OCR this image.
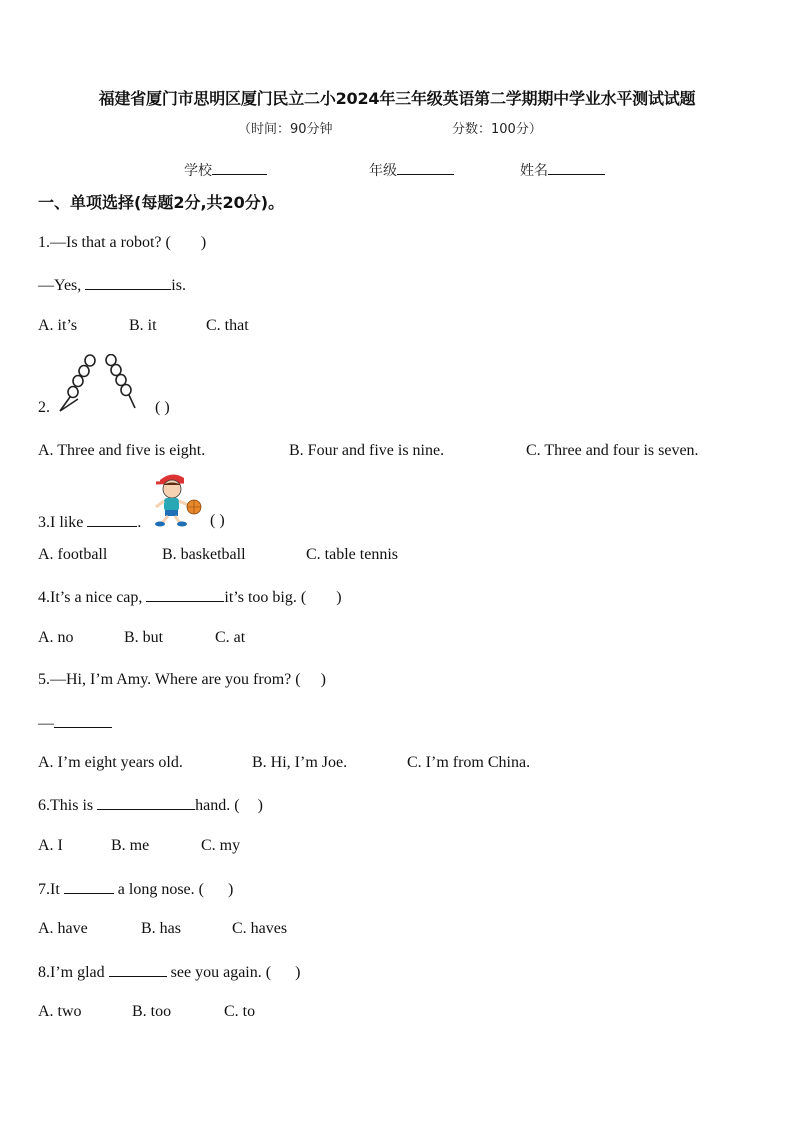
福建省厦门市思明区厦门民立二小2024年三年级英语第二学期期中学业水平测试试题
（时间：90分钟	分数：100分）
学校	年级	姓名
一、单项选择(每题2分,共20分)。
1.—Is that a robot? ( )
—Yes,	is.
A. it’s	B. it	C. that
2.	( )
A. Three and five is eight.	B. Four and five is nine.	C. Three and four is seven.
3.I like	.	( )
A. football	B. basketball	C. table tennis
4.It’s a nice cap,	it’s too big. ( )
A. no	B. but	C. at
5.—Hi, I’m Amy. Where are you from? ( )
—
A. I’m eight years old.	B. Hi, I’m Joe.	C. I’m from China.
6.This is	hand. ( )
A. I	B. me	C. my
7.It	a long nose. ( )
A. have	B. has	C. haves
8.I’m glad	see you again. ( )
A. two	B. too	C. to
